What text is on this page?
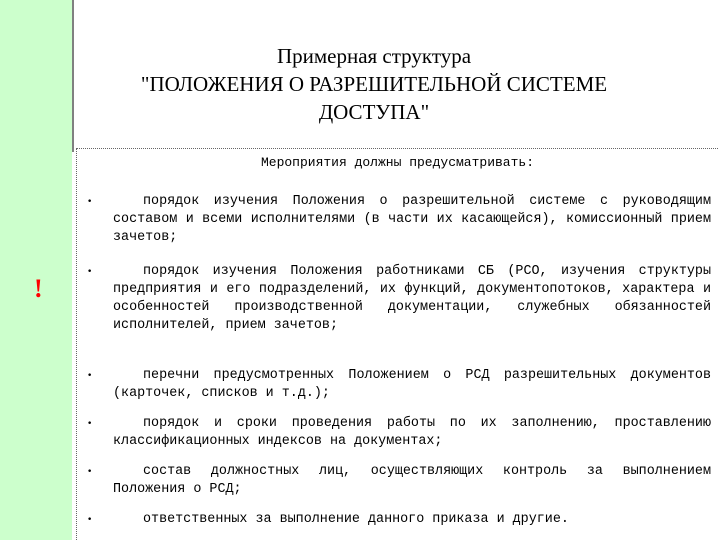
Примерная структура
"ПОЛОЖЕНИЯ О РАЗРЕШИТЕЛЬНОЙ СИСТЕМЕ
ДОСТУПА"
!
Мероприятия должны предусматривать:
•	порядок изучения Положения о разрешительной системе с руководящим составом и всеми исполнителями (в части их касающейся), комиссионный прием зачетов;
•	порядок изучения Положения работниками СБ (РСО, изучения структуры предприятия и его подразделений, их функций, документопотоков, характера и особенностей производственной документации, служебных обязанностей исполнителей, прием зачетов;
•	перечни предусмотренных Положением о РСД разрешительных документов (карточек, списков и т.д.);
•	порядок и сроки проведения работы по их заполнению, проставлению классификационных индексов на документах;
•	состав должностных лиц, осуществляющих контроль за выполнением Положения о РСД;
•	ответственных за выполнение данного приказа и другие.
